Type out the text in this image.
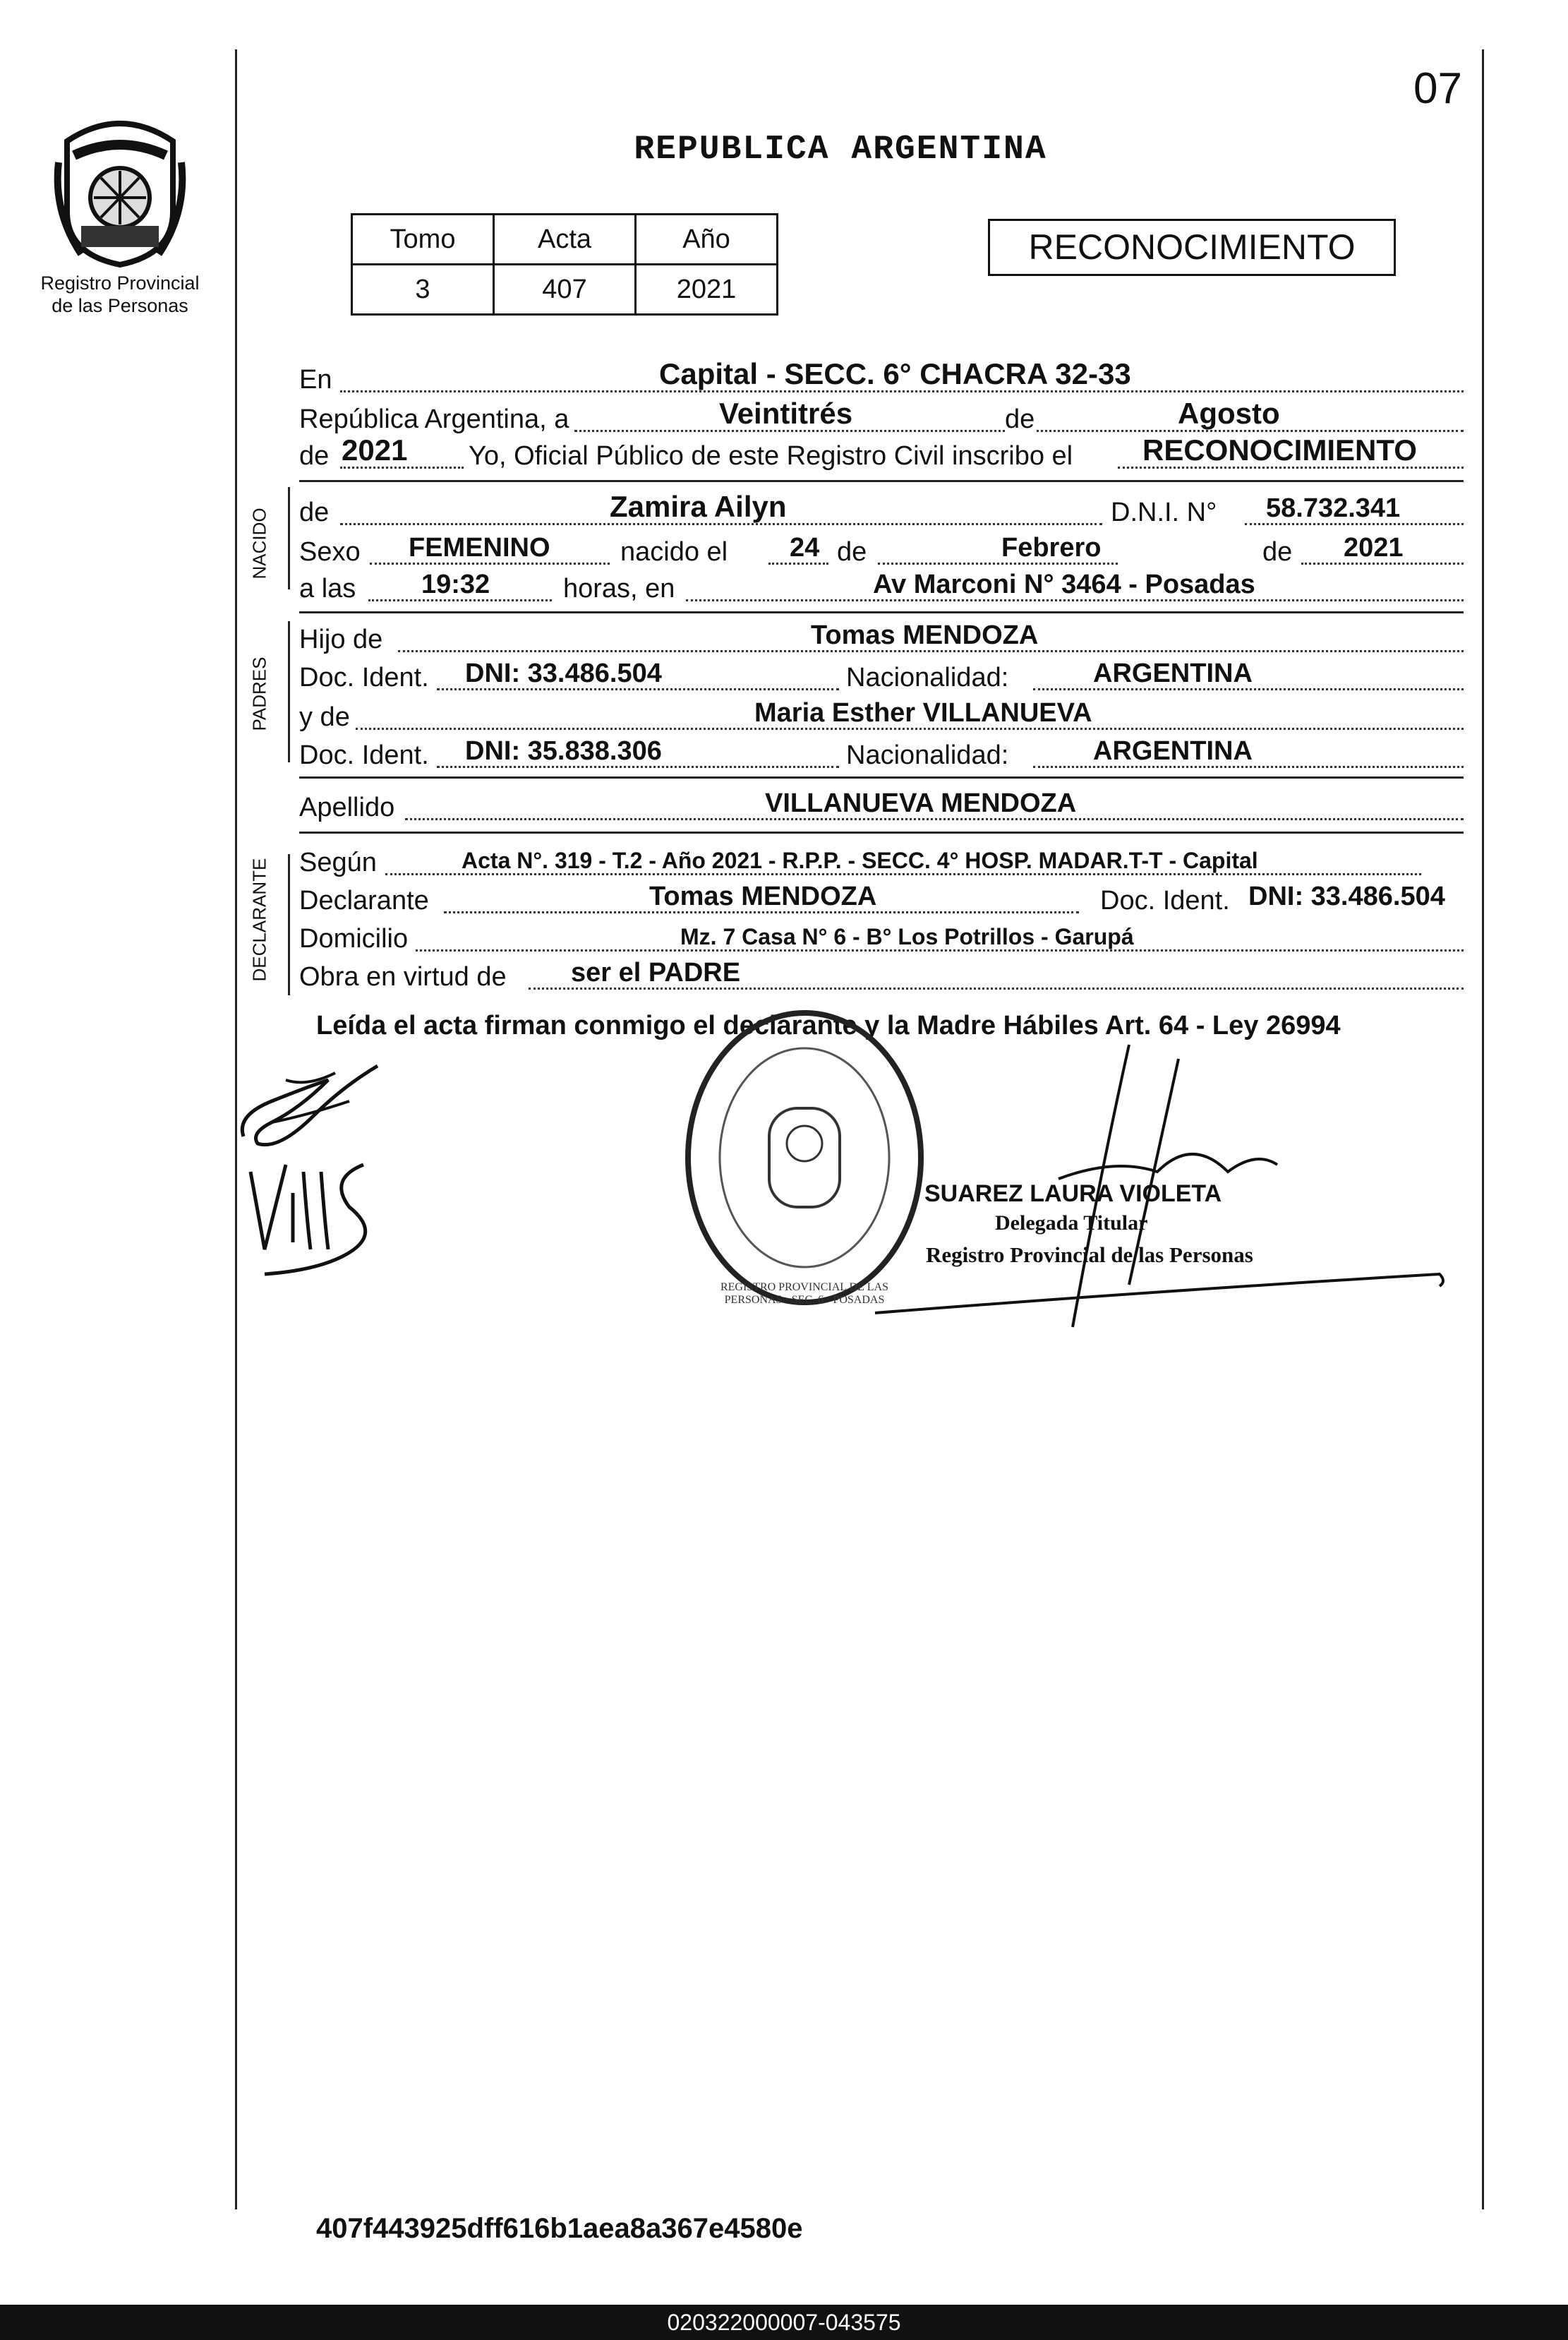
07
Registro Provincial
de las Personas
REPUBLICA ARGENTINA
Tomo	Acta	Año
3	407	2021
RECONOCIMIENTO
NACIDO
PADRES
DECLARANTE
En	Capital - SECC. 6° CHACRA 32-33
República Argentina, a	Veintitrés	de	Agosto
de 2021 Yo, Oficial Público de este Registro Civil inscribo el RECONOCIMIENTO
de	Zamira Ailyn	D.N.I. N° 58.732.341
Sexo FEMENINO	nacido el 24 de	Febrero	de 2021
a las 19:32	horas, en	Av Marconi N° 3464 - Posadas
Hijo de	Tomas MENDOZA
Doc. Ident. DNI: 33.486.504	Nacionalidad:	ARGENTINA
y de	Maria Esther VILLANUEVA
Doc. Ident. DNI: 35.838.306	Nacionalidad:	ARGENTINA
Apellido	VILLANUEVA MENDOZA
Según	Acta N°. 319 - T.2 - Año 2021 - R.P.P. - SECC. 4° HOSP. MADAR.T-T - Capital
Declarante	Tomas MENDOZA	Doc. Ident. DNI: 33.486.504
Domicilio	Mz. 7 Casa N° 6 - B° Los Potrillos - Garupá
Obra en virtud de ser el PADRE
Leída el acta firman conmigo el declarante y la Madre Hábiles Art. 64 - Ley 26994
REGISTRO PROVINCIAL DE LAS PERSONAS · SEC. 6 · POSADAS
SUAREZ LAURA VIOLETA
Delegada Titular
Registro Provincial de las Personas
407f443925dff616b1aea8a367e4580e
020322000007-043575
